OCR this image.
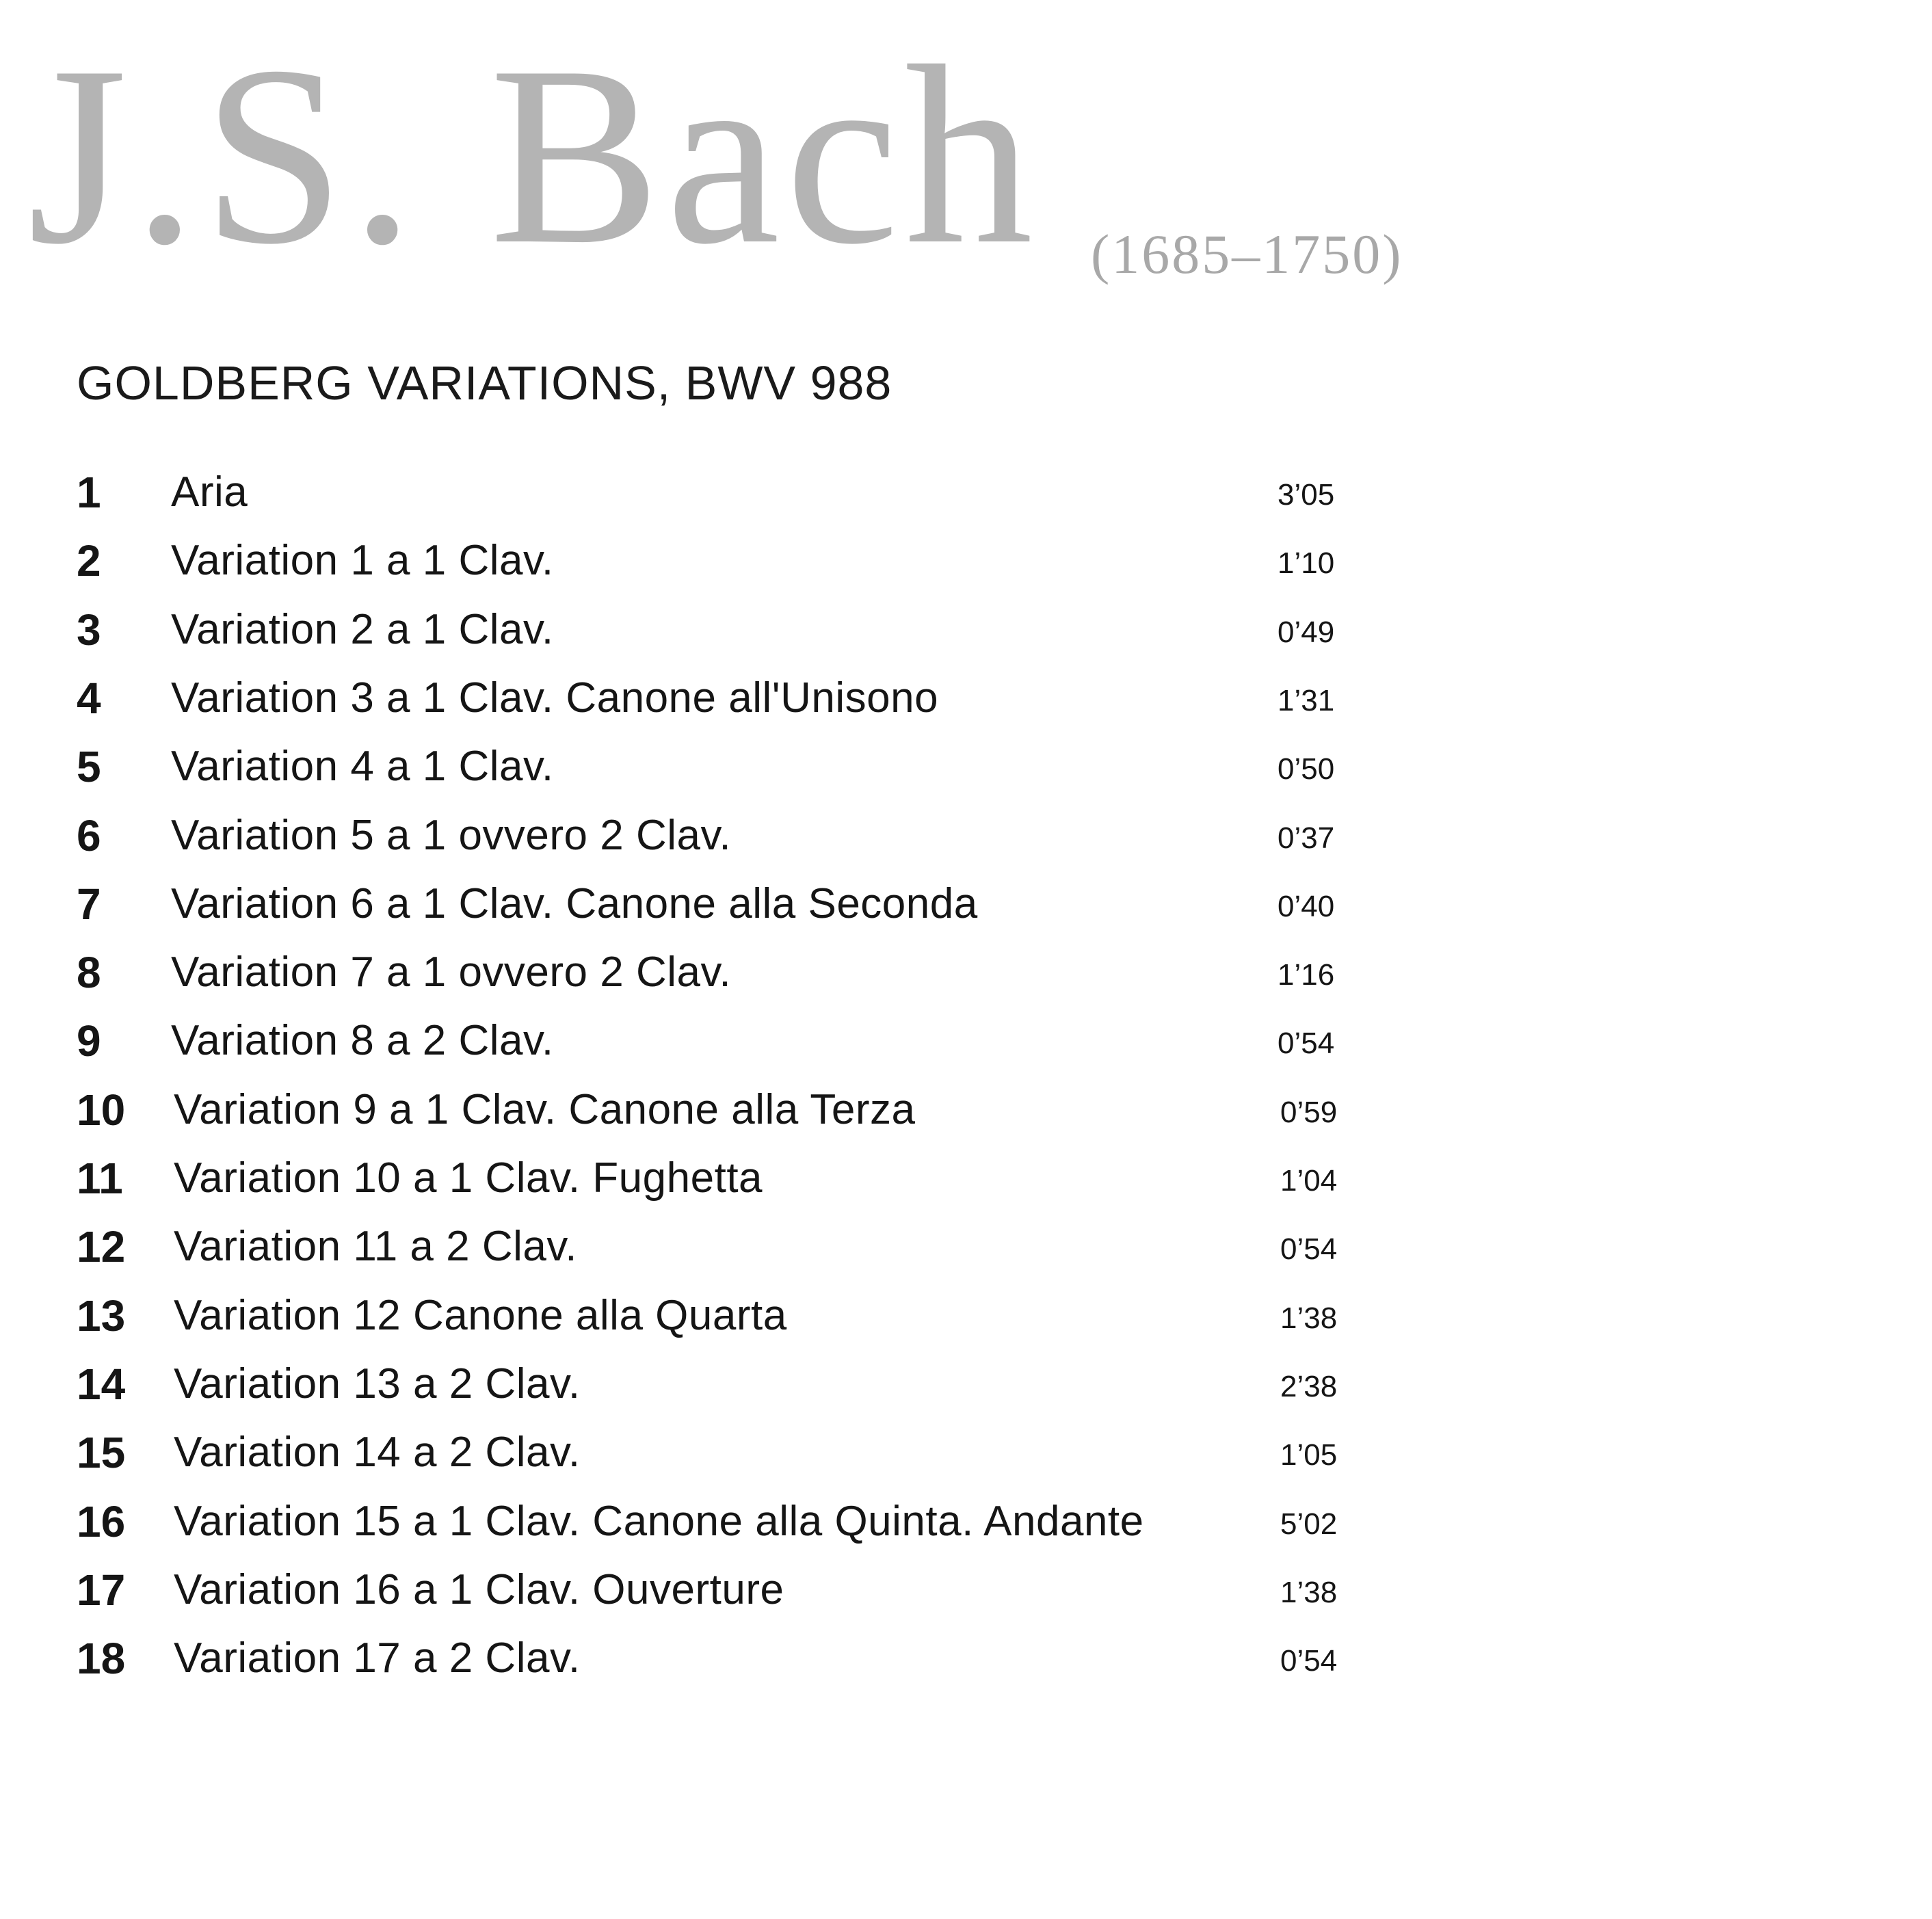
J.S. Bach (1685–1750)
GOLDBERG VARIATIONS, BWV 988
1 Aria	3’05
2 Variation 1 a 1 Clav.	1’10
3 Variation 2 a 1 Clav.	0’49
4 Variation 3 a 1 Clav. Canone all'Unisono	1’31
5 Variation 4 a 1 Clav.	0’50
6 Variation 5 a 1 ovvero 2 Clav.	0’37
7 Variation 6 a 1 Clav. Canone alla Seconda	0’40
8 Variation 7 a 1 ovvero 2 Clav.	1’16
9 Variation 8 a 2 Clav.	0’54
10 Variation 9 a 1 Clav. Canone alla Terza	0’59
11 Variation 10 a 1 Clav. Fughetta	1’04
12 Variation 11 a 2 Clav.	0’54
13 Variation 12 Canone alla Quarta	1’38
14 Variation 13 a 2 Clav.	2’38
15 Variation 14 a 2 Clav.	1’05
16 Variation 15 a 1 Clav. Canone alla Quinta. Andante	5’02
17 Variation 16 a 1 Clav. Ouverture	1’38
18 Variation 17 a 2 Clav.	0’54
